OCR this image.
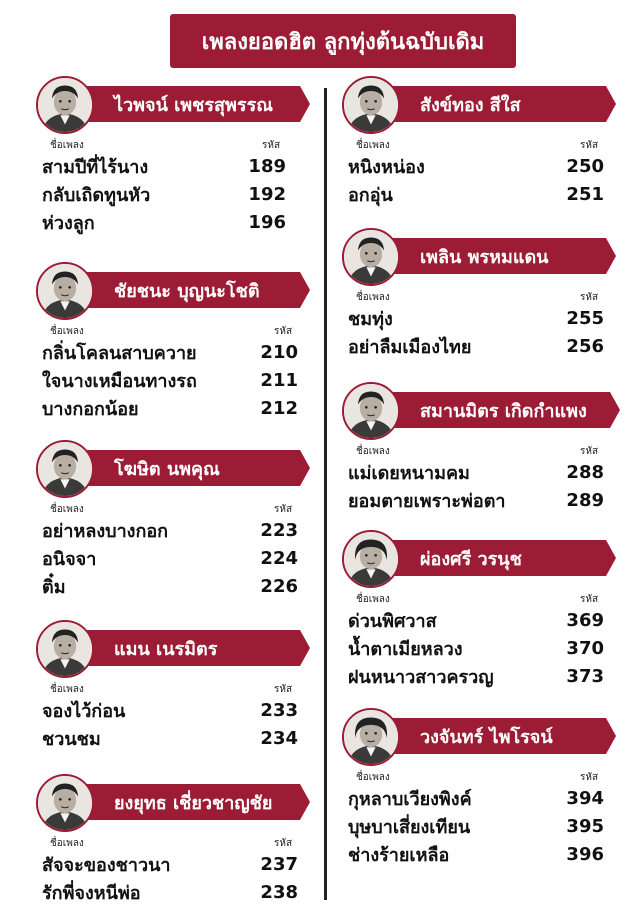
เพลงยอดฮิต ลูกทุ่งต้นฉบับเดิม
ไวพจน์ เพชรสุพรรณ
ชื่อเพลง	รหัส
สามปีที่ไร้นาง	189
กลับเถิดทูนหัว	192
ห่วงลูก	196
ชัยชนะ บุญนะโชติ
ชื่อเพลง	รหัส
กลิ่นโคลนสาบควาย	210
ใจนางเหมือนทางรถ	211
บางกอกน้อย	212
โฆษิต นพคุณ
ชื่อเพลง	รหัส
อย่าหลงบางกอก	223
อนิจจา	224
ติ๋ม	226
แมน เนรมิตร
ชื่อเพลง	รหัส
จองไว้ก่อน	233
ชวนชม	234
ยงยุทธ เชี่ยวชาญชัย
ชื่อเพลง	รหัส
สัจจะของชาวนา	237
รักพี่จงหนีพ่อ	238
สังข์ทอง สีใส
ชื่อเพลง	รหัส
หนิงหน่อง	250
อกอุ่น	251
เพลิน พรหมแดน
ชื่อเพลง	รหัส
ชมทุ่ง	255
อย่าลืมเมืองไทย	256
สมานมิตร เกิดกำแพง
ชื่อเพลง	รหัส
แม่เดยหนามคม	288
ยอมตายเพราะพ่อตา	289
ผ่องศรี วรนุช
ชื่อเพลง	รหัส
ด่วนพิศวาส	369
น้ำตาเมียหลวง	370
ฝนหนาวสาวครวญ	373
วงจันทร์ ไพโรจน์
ชื่อเพลง	รหัส
กุหลาบเวียงพิงค์	394
บุษบาเสี่ยงเทียน	395
ช่างร้ายเหลือ	396
